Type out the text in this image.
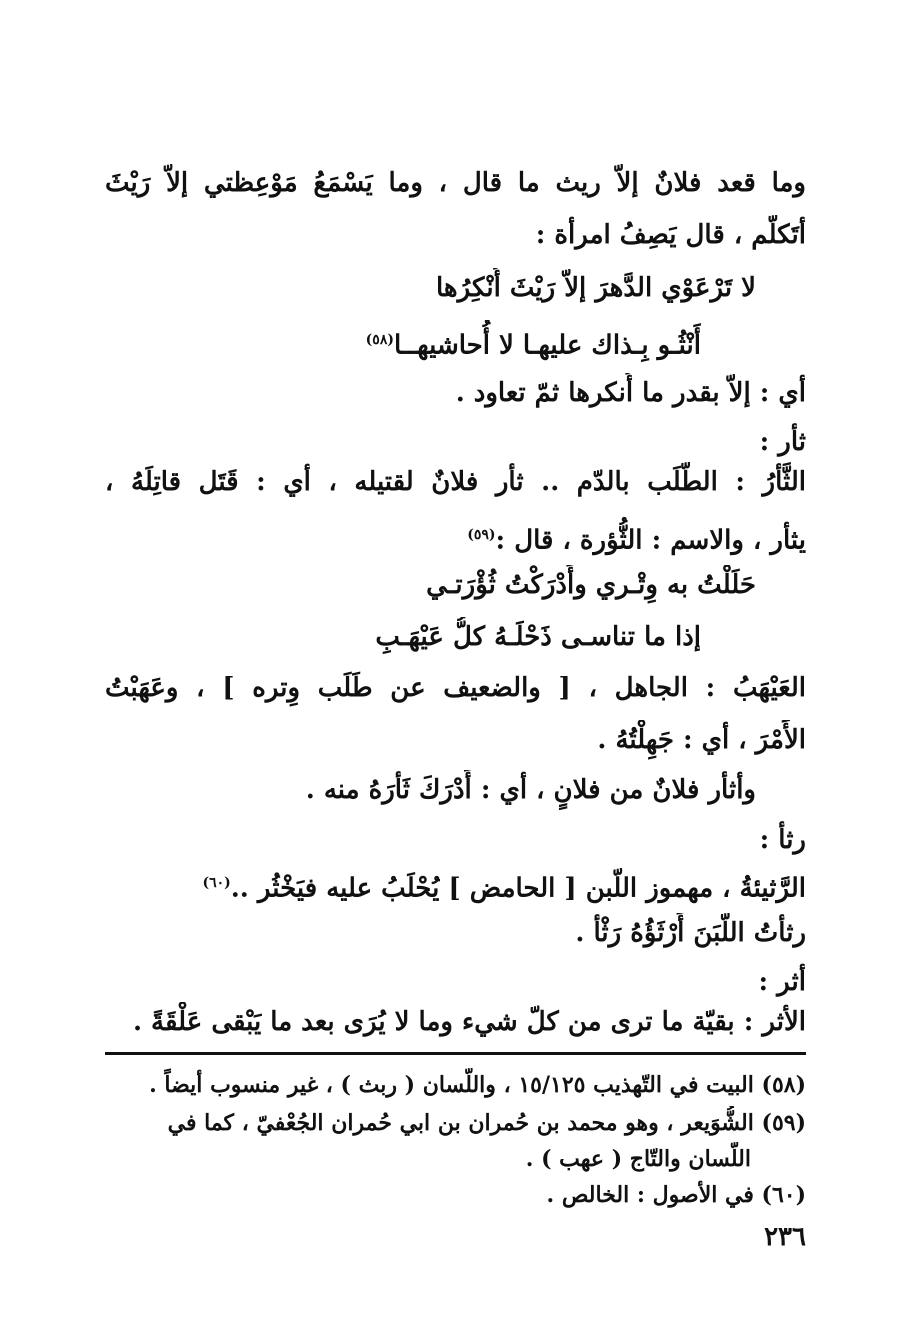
وما قعد فلانٌ إلاّ ريث ما قال ، وما يَسْمَعُ مَوْعِظتي إلاّ رَيْثَ
أتَكلَّم ، قال يَصِفُ امرأة :
لا تَرْعَوْي الدَّهرَ إلاّ رَيْثَ أُنْكِرُها
أَنْثُـو بِـذاك عليهـا لا أُحاشيهــا$^{(٥٨)}$
أي : إلاّ بقدر ما أُنكرها ثمّ تعاود .
ثأر :
الثَّأْرُ : الطَّلَب بالدّم .. ثأر فلانٌ لقتيله ، أي : قَتَل قاتِلَهُ ،
يثأر ، والاسم : الثُّؤرة ، قال :$^{(٥٩)}$
حَلَلْتُ به وِتْـري وأَدْرَكْتُ ثُؤْرَتـي
إذا ما تناسـى ذَحْلَـهُ كلُّ عَيْهَـبِ
العَيْهَبُ : الجاهل ، [ والضعيف عن طَلَب وِتره ] ، وعَهَبْتُ
الأَمْرَ ، أي : جَهِلْتُهُ .
وأثأر فلانٌ من فلانٍ ، أي : أَدْرَكَ ثَأْرَهُ منه .
رثأ :
الرَّثيئةُ ، مهموز اللّبن [ الحامض ] يُحْلَبُ عليه فيَخْثُر ..$^{(٦٠)}$
رثأتُ اللّبَنَ أَرْثَؤُهُ رَثْأ .
أثر :
الأثر : بقيّة ما ترى من كلّ شيء وما لا يُرَى بعد ما يَبْقى عَلْقَةً .
(٥٨) البيت في التّهذيب ١٥/١٢٥ ، واللّسان ( ربث ) ، غير منسوب أيضاً .
(٥٩) الشُّوَيعر ، وهو محمد بن حُمران بن ابي حُمران الجُعْفيّ ، كما في
اللّسان والتّاج ( عهب ) .
(٦٠) في الأصول : الخالص .
٢٣٦
